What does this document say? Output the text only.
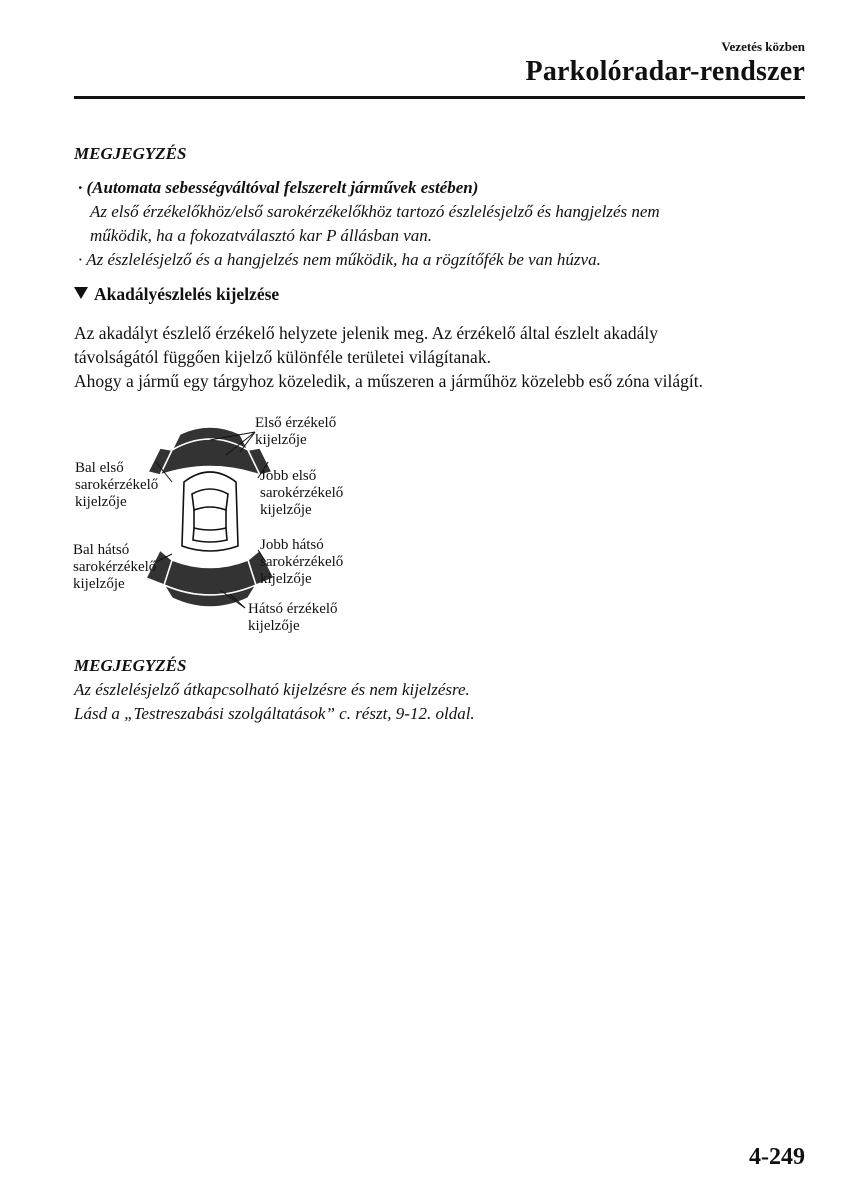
Vezetés közben
Parkolóradar-rendszer
MEGJEGYZÉS
· (Automata sebességváltóval felszerelt járművek estében)
Az első érzékelőkhöz/első sarokérzékelőkhöz tartozó észlelésjelző és hangjelzés nem
működik, ha a fokozatválasztó kar P állásban van.
· Az észlelésjelző és a hangjelzés nem működik, ha a rögzítőfék be van húzva.
Akadályészlelés kijelzése
Az akadályt észlelő érzékelő helyzete jelenik meg. Az érzékelő által észlelt akadály
távolságától függően kijelző különféle területei világítanak.
Ahogy a jármű egy tárgyhoz közeledik, a műszeren a járműhöz közelebb eső zóna világít.
Első érzékelő
kijelzője
Bal első
sarokérzékelő
kijelzője
Jobb első
sarokérzékelő
kijelzője
Bal hátsó
sarokérzékelő
kijelzője
Jobb hátsó
sarokérzékelő
kijelzője
Hátsó érzékelő
kijelzője
MEGJEGYZÉS
Az észlelésjelző átkapcsolható kijelzésre és nem kijelzésre.
Lásd a „Testreszabási szolgáltatások” c. részt, 9-12. oldal.
4-249
